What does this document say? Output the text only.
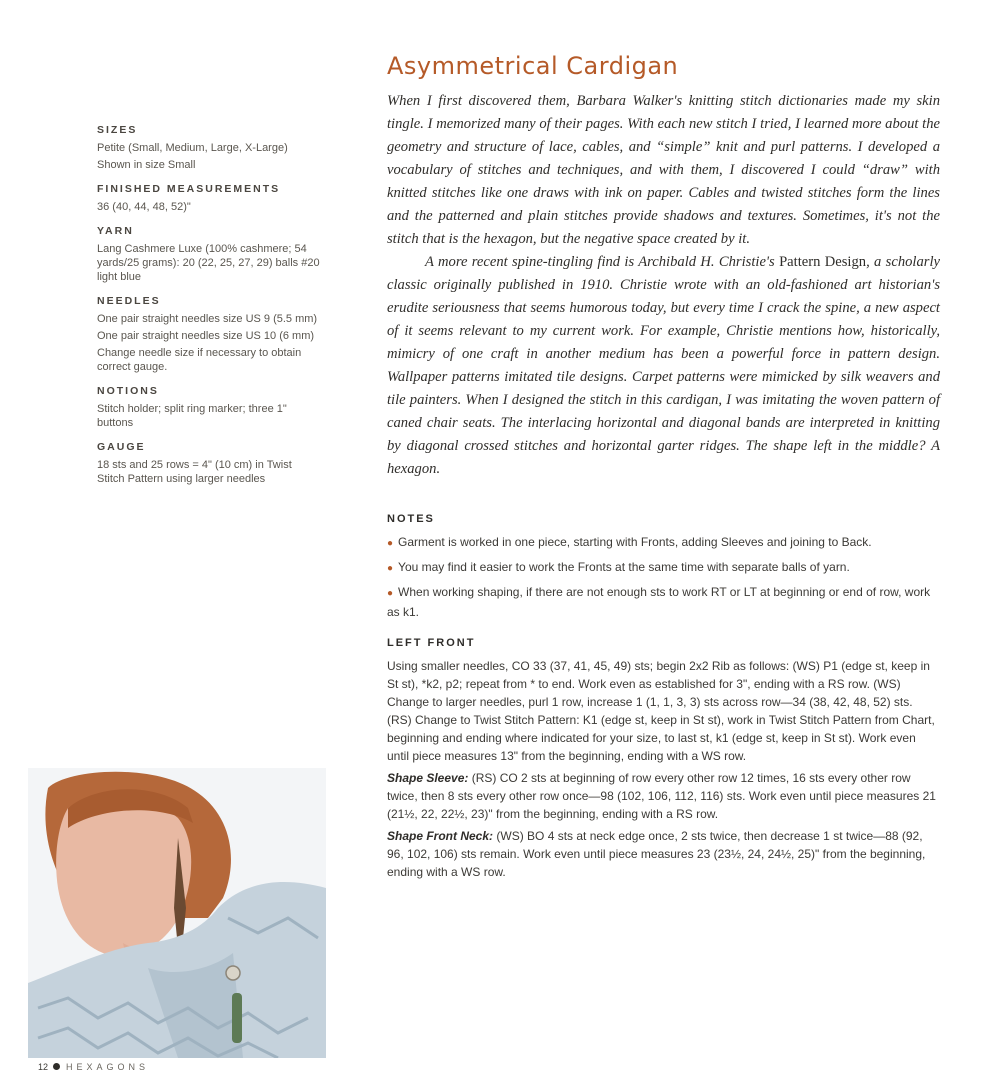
SIZES
Petite (Small, Medium, Large, X-Large)
Shown in size Small
FINISHED MEASUREMENTS
36 (40, 44, 48, 52)"
YARN
Lang Cashmere Luxe (100% cashmere; 54 yards/25 grams): 20 (22, 25, 27, 29) balls #20 light blue
NEEDLES
One pair straight needles size US 9 (5.5 mm)
One pair straight needles size US 10 (6 mm)
Change needle size if necessary to obtain correct gauge.
NOTIONS
Stitch holder; split ring marker; three 1" buttons
GAUGE
18 sts and 25 rows = 4" (10 cm) in Twist Stitch Pattern using larger needles
Asymmetrical Cardigan

When I first discovered them, Barbara Walker's knitting stitch dictionaries made my skin tingle. I memorized many of their pages. With each new stitch I tried, I learned more about the geometry and structure of lace, cables, and “simple” knit and purl patterns. I developed a vocabulary of stitches and techniques, and with them, I discovered I could “draw” with knitted stitches like one draws with ink on paper. Cables and twisted stitches form the lines and the patterned and plain stitches provide shadows and textures. Sometimes, it's not the stitch that is the hexagon, but the negative space created by it.

A more recent spine-tingling find is Archibald H. Christie's Pattern Design, a scholarly classic originally published in 1910. Christie wrote with an old-fashioned art historian's erudite seriousness that seems humorous today, but every time I crack the spine, a new aspect of it seems relevant to my current work. For example, Christie mentions how, historically, mimicry of one craft in another medium has been a powerful force in pattern design. Wallpaper patterns imitated tile designs. Carpet patterns were mimicked by silk weavers and tile painters. When I designed the stitch in this cardigan, I was imitating the woven pattern of caned chair seats. The interlacing horizontal and diagonal bands are interpreted in knitting by diagonal crossed stitches and horizontal garter ridges. The shape left in the middle? A hexagon.

NOTES
● Garment is worked in one piece, starting with Fronts, adding Sleeves and joining to Back.
● You may find it easier to work the Fronts at the same time with separate balls of yarn.
● When working shaping, if there are not enough sts to work RT or LT at beginning or end of row, work as k1.
LEFT FRONT

Using smaller needles, CO 33 (37, 41, 45, 49) sts; begin 2x2 Rib as follows: (WS) P1 (edge st, keep in St st), *k2, p2; repeat from * to end. Work even as established for 3", ending with a RS row. (WS) Change to larger needles, purl 1 row, increase 1 (1, 1, 3, 3) sts across row—34 (38, 42, 48, 52) sts. (RS) Change to Twist Stitch Pattern: K1 (edge st, keep in St st), work in Twist Stitch Pattern from Chart, beginning and ending where indicated for your size, to last st, k1 (edge st, keep in St st). Work even until piece measures 13" from the beginning, ending with a WS row.

Shape Sleeve: (RS) CO 2 sts at beginning of row every other row 12 times, 16 sts every other row twice, then 8 sts every other row once—98 (102, 106, 112, 116) sts. Work even until piece measures 21 (21½, 22, 22½, 23)" from the beginning, ending with a RS row.

Shape Front Neck: (WS) BO 4 sts at neck edge once, 2 sts twice, then decrease 1 st twice—88 (92, 96, 102, 106) sts remain. Work even until piece measures 23 (23½, 24, 24½, 25)" from the beginning, ending with a WS row.

12 HEXAGONS
